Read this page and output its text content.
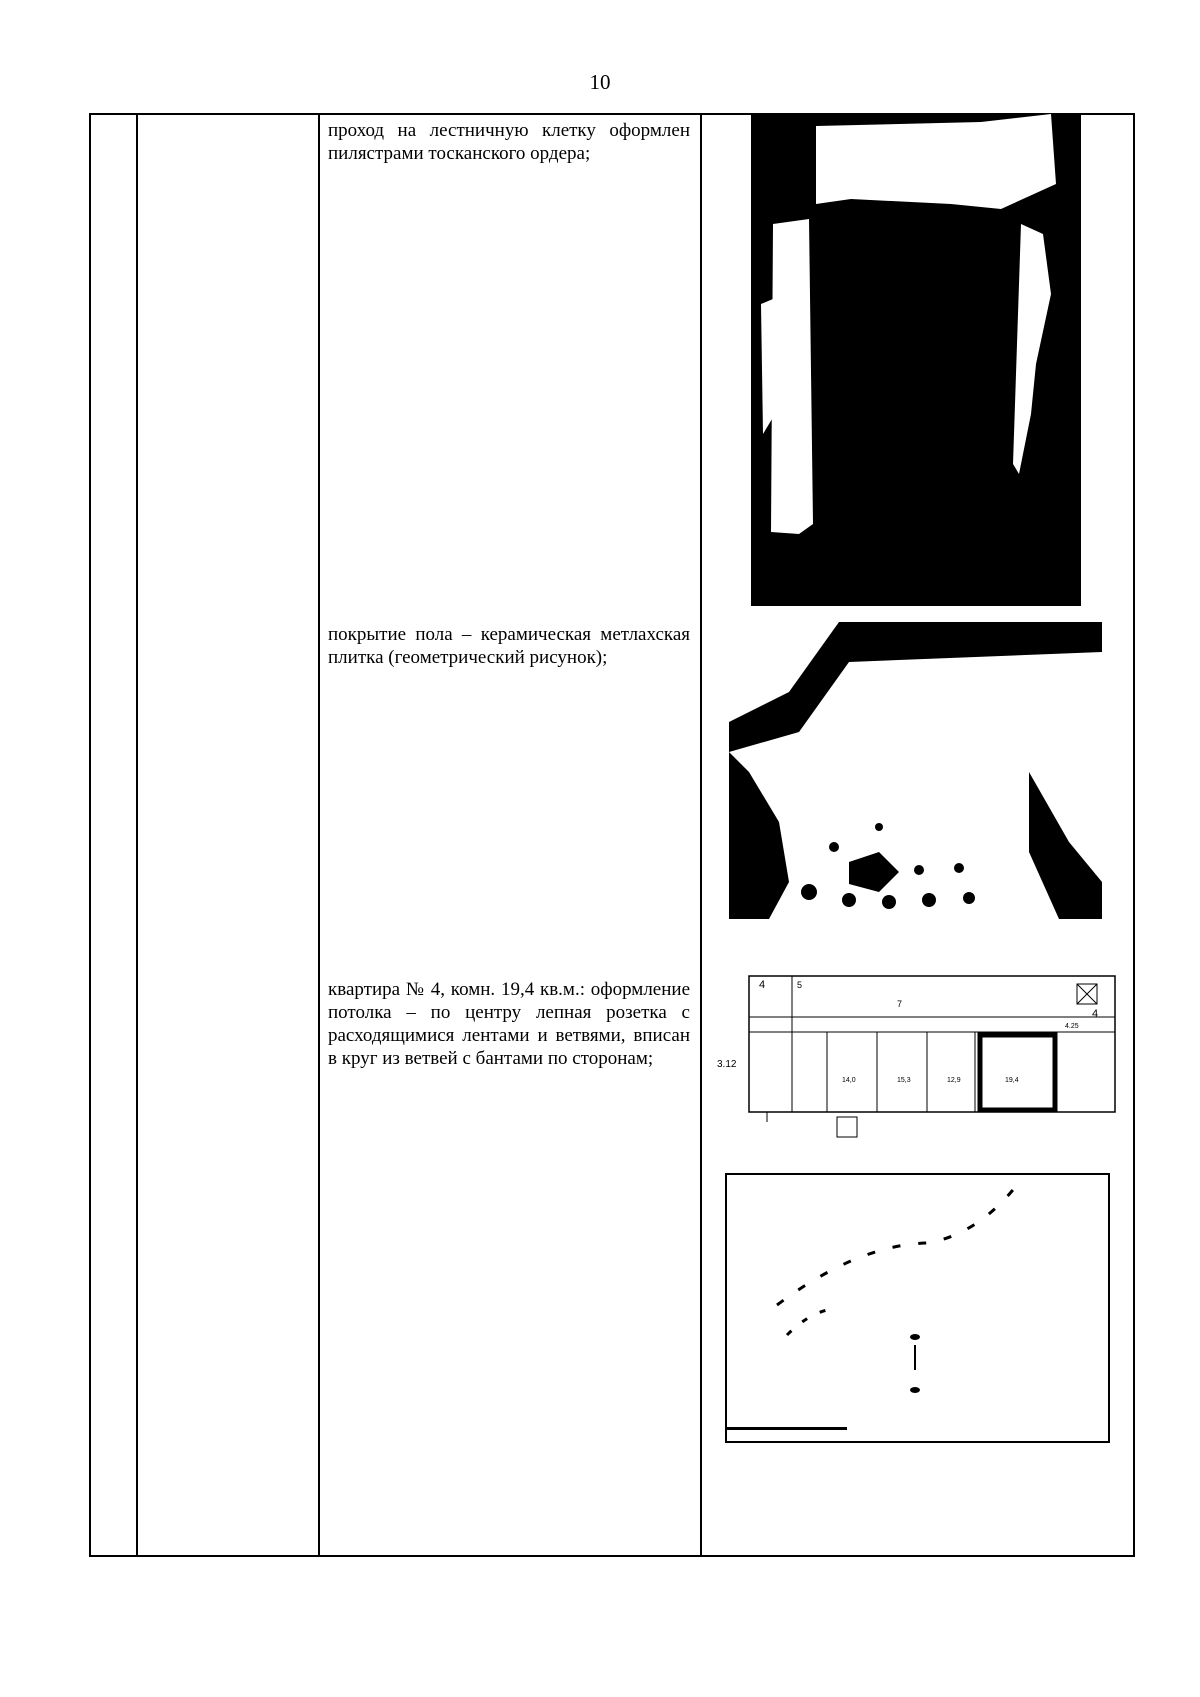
10
проход на лестничную клетку оформлен пилястрами тосканского ордера;
покрытие пола – керамическая метлахская плитка (геометрический рисунок);
квартира № 4, комн. 19,4 кв.м.: оформление потолка – по центру лепная розетка с расходящимися лентами и ветвями, вписан в круг из ветвей с бантами по сторонам;
4	5
7
4
19,4
14,0	15,3	12,9
3.12
4.25
